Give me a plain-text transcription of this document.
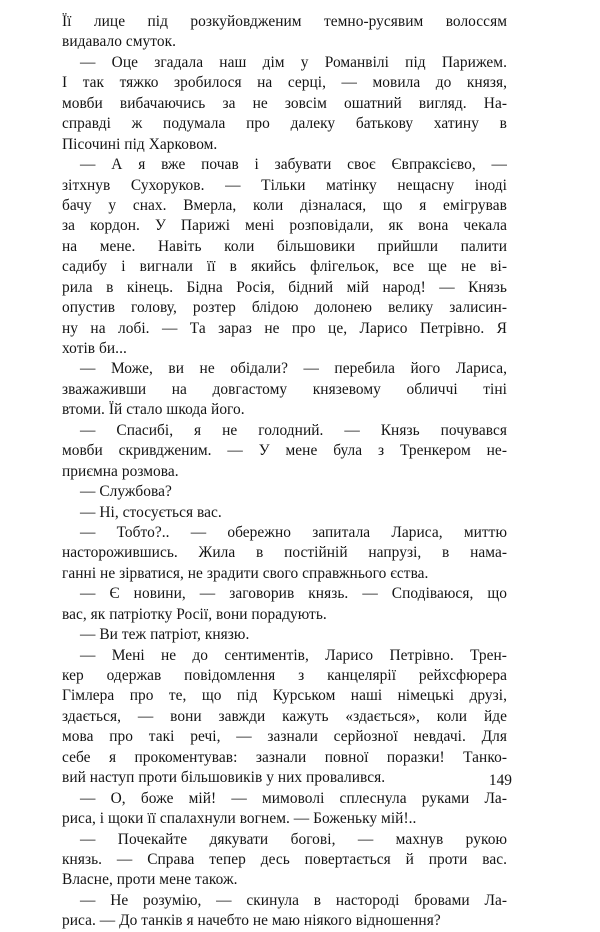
Її лице під розкуйовдженим темно-русявим волоссям
видавало смуток.
— Оце згадала наш дім у Романвілі під Парижем.
І так тяжко зробилося на серці, — мовила до князя,
мовби вибачаючись за не зовсім ошатний вигляд. На-
справді ж подумала про далеку батькову хатину в
Пісочині під Харковом.
— А я вже почав і забувати своє Євпраксієво, —
зітхнув Сухоруков. — Тільки матінку нещасну іноді
бачу у снах. Вмерла, коли дізналася, що я емігрував
за кордон. У Парижі мені розповідали, як вона чекала
на мене. Навіть коли більшовики прийшли палити
садибу і вигнали її в якийсь флігельок, все ще не ві-
рила в кінець. Бідна Росія, бідний мій народ! — Князь
опустив голову, розтер блідою долонею велику залисин-
ну на лобі. — Та зараз не про це, Ларисо Петрівно. Я
хотів би...
— Може, ви не обідали? — перебила його Лариса,
зважаживши на довгастому князевому обличчі тіні
втоми. Їй стало шкода його.
— Спасибі, я не голодний. — Князь почувався
мовби скривдженим. — У мене була з Тренкером не-
приємна розмова.
— Службова?
— Ні, стосується вас.
— Тобто?.. — обережно запитала Лариса, миттю
насторожившись. Жила в постійній напрузі, в нама-
ганні не зірватися, не зрадити свого справжнього єства.
— Є новини, — заговорив князь. — Сподіваюся, що
вас, як патріотку Росії, вони порадують.
— Ви теж патріот, князю.
— Мені не до сентиментів, Ларисо Петрівно. Трен-
кер одержав повідомлення з канцелярії рейхсфюрера
Гімлера про те, що під Курськом наші німецькі друзі,
здається, — вони завжди кажуть «здається», коли йде
мова про такі речі, — зазнали серйозної невдачі. Для
себе я прокоментував: зазнали повної поразки! Танко-
вий наступ проти більшовиків у них провалився.
— О, боже мій! — мимоволі сплеснула руками Ла-
риса, і щоки її спалахнули вогнем. — Боженьку мій!..
— Почекайте дякувати богові, — махнув рукою
князь. — Справа тепер десь повертається й проти вас.
Власне, проти мене також.
— Не розумію, — скинула в настороді бровами Ла-
риса. — До танків я начебто не маю ніякого відношення?
149
